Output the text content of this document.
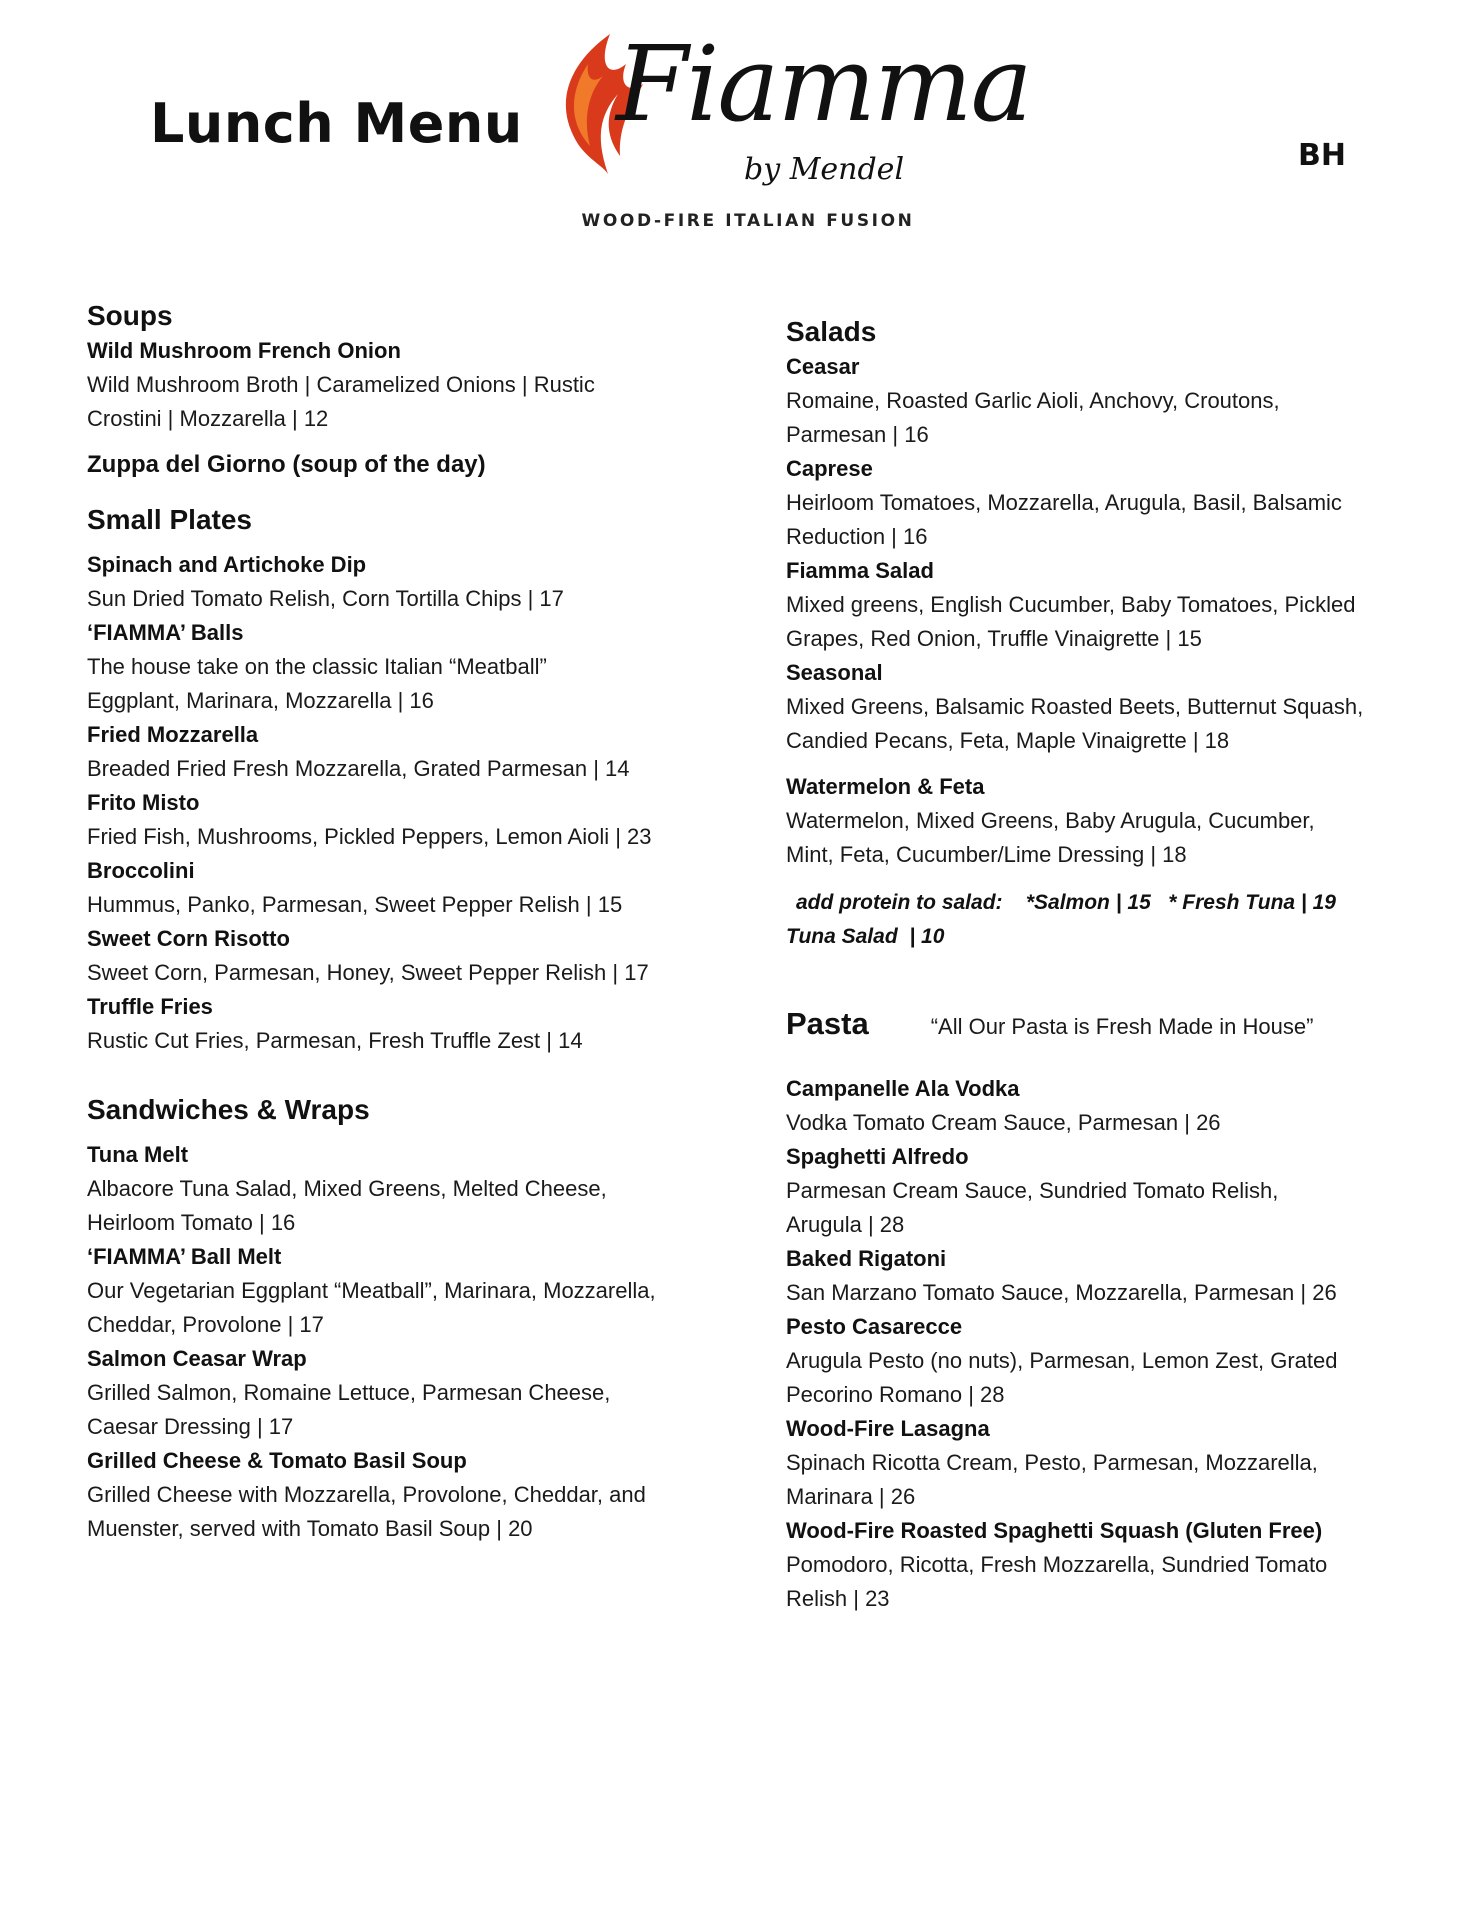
Lunch Menu Fiamma
by Mendel
WOOD-FIRE ITALIAN FUSION
BH
Soups
Wild Mushroom French Onion
Wild Mushroom Broth | Caramelized Onions | Rustic
Crostini | Mozzarella | 12
Zuppa del Giorno (soup of the day)
Small Plates
Spinach and Artichoke Dip
Sun Dried Tomato Relish, Corn Tortilla Chips | 17
‘FIAMMA’ Balls
The house take on the classic Italian “Meatball”
Eggplant, Marinara, Mozzarella | 16
Fried Mozzarella
Breaded Fried Fresh Mozzarella, Grated Parmesan | 14
Frito Misto
Fried Fish, Mushrooms, Pickled Peppers, Lemon Aioli | 23
Broccolini
Hummus, Panko, Parmesan, Sweet Pepper Relish | 15
Sweet Corn Risotto
Sweet Corn, Parmesan, Honey, Sweet Pepper Relish | 17
Truffle Fries
Rustic Cut Fries, Parmesan, Fresh Truffle Zest | 14
Sandwiches & Wraps
Tuna Melt
Albacore Tuna Salad, Mixed Greens, Melted Cheese,
Heirloom Tomato | 16
‘FIAMMA’ Ball Melt
Our Vegetarian Eggplant “Meatball”, Marinara, Mozzarella,
Cheddar, Provolone | 17
Salmon Ceasar Wrap
Grilled Salmon, Romaine Lettuce, Parmesan Cheese,
Caesar Dressing | 17
Grilled Cheese & Tomato Basil Soup
Grilled Cheese with Mozzarella, Provolone, Cheddar, and
Muenster, served with Tomato Basil Soup | 20
Salads
Ceasar
Romaine, Roasted Garlic Aioli, Anchovy, Croutons,
Parmesan | 16
Caprese
Heirloom Tomatoes, Mozzarella, Arugula, Basil, Balsamic
Reduction | 16
Fiamma Salad
Mixed greens, English Cucumber, Baby Tomatoes, Pickled
Grapes, Red Onion, Truffle Vinaigrette | 15
Seasonal
Mixed Greens, Balsamic Roasted Beets, Butternut Squash,
Candied Pecans, Feta, Maple Vinaigrette | 18
Watermelon & Feta
Watermelon, Mixed Greens, Baby Arugula, Cucumber,
Mint, Feta, Cucumber/Lime Dressing | 18
add protein to salad:    *Salmon | 15   * Fresh Tuna | 19
Tuna Salad  | 10
Pasta	“All Our Pasta is Fresh Made in House”
Campanelle Ala Vodka
Vodka Tomato Cream Sauce, Parmesan | 26
Spaghetti Alfredo
Parmesan Cream Sauce, Sundried Tomato Relish,
Arugula | 28
Baked Rigatoni
San Marzano Tomato Sauce, Mozzarella, Parmesan | 26
Pesto Casarecce
Arugula Pesto (no nuts), Parmesan, Lemon Zest, Grated
Pecorino Romano | 28
Wood-Fire Lasagna
Spinach Ricotta Cream, Pesto, Parmesan, Mozzarella,
Marinara | 26
Wood-Fire Roasted Spaghetti Squash (Gluten Free)
Pomodoro, Ricotta, Fresh Mozzarella, Sundried Tomato
Relish | 23
